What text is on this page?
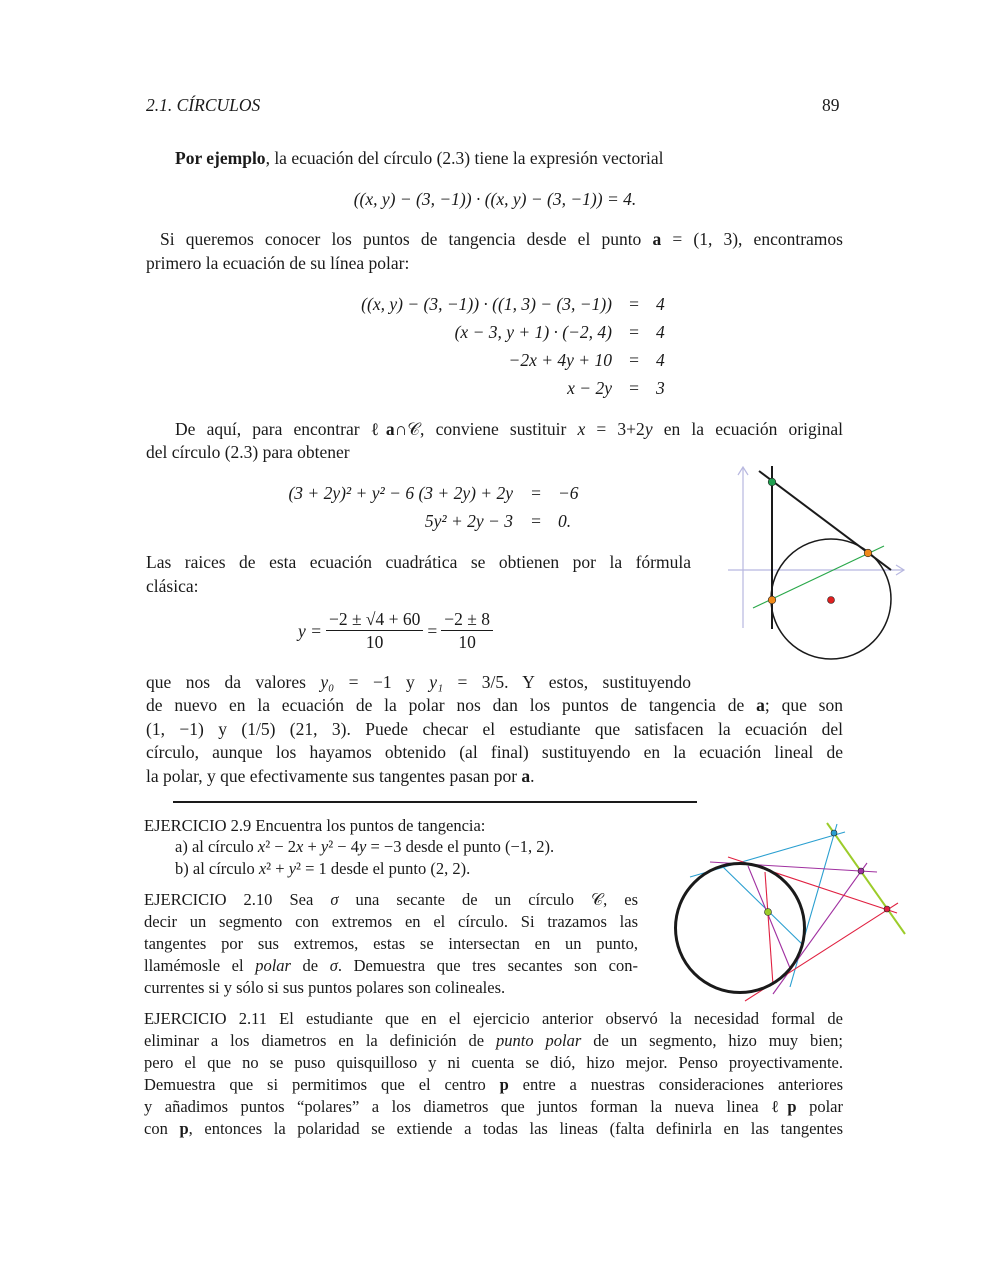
2.1. CÍRCULOS	89
Por ejemplo, la ecuación del círculo (2.3) tiene la expresión vectorial
Si queremos conocer los puntos de tangencia desde el punto a = (1, 3), encontramos
primero la ecuación de su línea polar:
De aquí, para encontrar ℓa∩𝒞, conviene sustituir x = 3+2y en la ecuación original
del círculo (2.3) para obtener
Las raices de esta ecuación cuadrática se obtienen por la fórmula
clásica:
que nos da valores y₀ = −1 y y₁ = 3/5. Y estos, sustituyendo
de nuevo en la ecuación de la polar nos dan los puntos de tangencia de a; que son
(1, −1) y (1/5) (21, 3). Puede checar el estudiante que satisfacen la ecuación del
círculo, aunque los hayamos obtenido (al final) sustituyendo en la ecuación lineal de
la polar, y que efectivamente sus tangentes pasan por a.
EJERCICIO 2.9 Encuentra los puntos de tangencia:
a) al círculo x² − 2x + y² − 4y = −3 desde el punto (−1, 2).
b) al círculo x² + y² = 1 desde el punto (2, 2).
EJERCICIO 2.10 Sea σ una secante de un círculo 𝒞, es
decir un segmento con extremos en el círculo. Si trazamos las
tangentes por sus extremos, estas se intersectan en un punto,
llamémosle el polar de σ. Demuestra que tres secantes son con-
currentes si y sólo si sus puntos polares son colineales.
EJERCICIO 2.11 El estudiante que en el ejercicio anterior observó la necesidad formal de
eliminar a los diametros en la definición de punto polar de un segmento, hizo muy bien;
pero el que no se puso quisquilloso y ni cuenta se dió, hizo mejor. Penso proyectivamente.
Demuestra que si permitimos que el centro p entre a nuestras consideraciones anteriores
y añadimos puntos “polares” a los diametros que juntos forman la nueva linea ℓp polar
con p, entonces la polaridad se extiende a todas las lineas (falta definirla en las tangentes
((x, y) − (3, −1)) · ((x, y) − (3, −1)) = 4.
((x, y) − (3, −1)) · ((1, 3) − (3, −1)) = 4
(x − 3, y + 1) · (−2, 4) = 4
−2x + 4y + 10 = 4
x − 2y = 3
(3 + 2y)² + y² − 6 (3 + 2y) + 2y = −6
5y² + 2y − 3 = 0.
$y = \frac{-2 \pm √4 + 60}{10} = \frac{-2 \pm 8}{10}$
